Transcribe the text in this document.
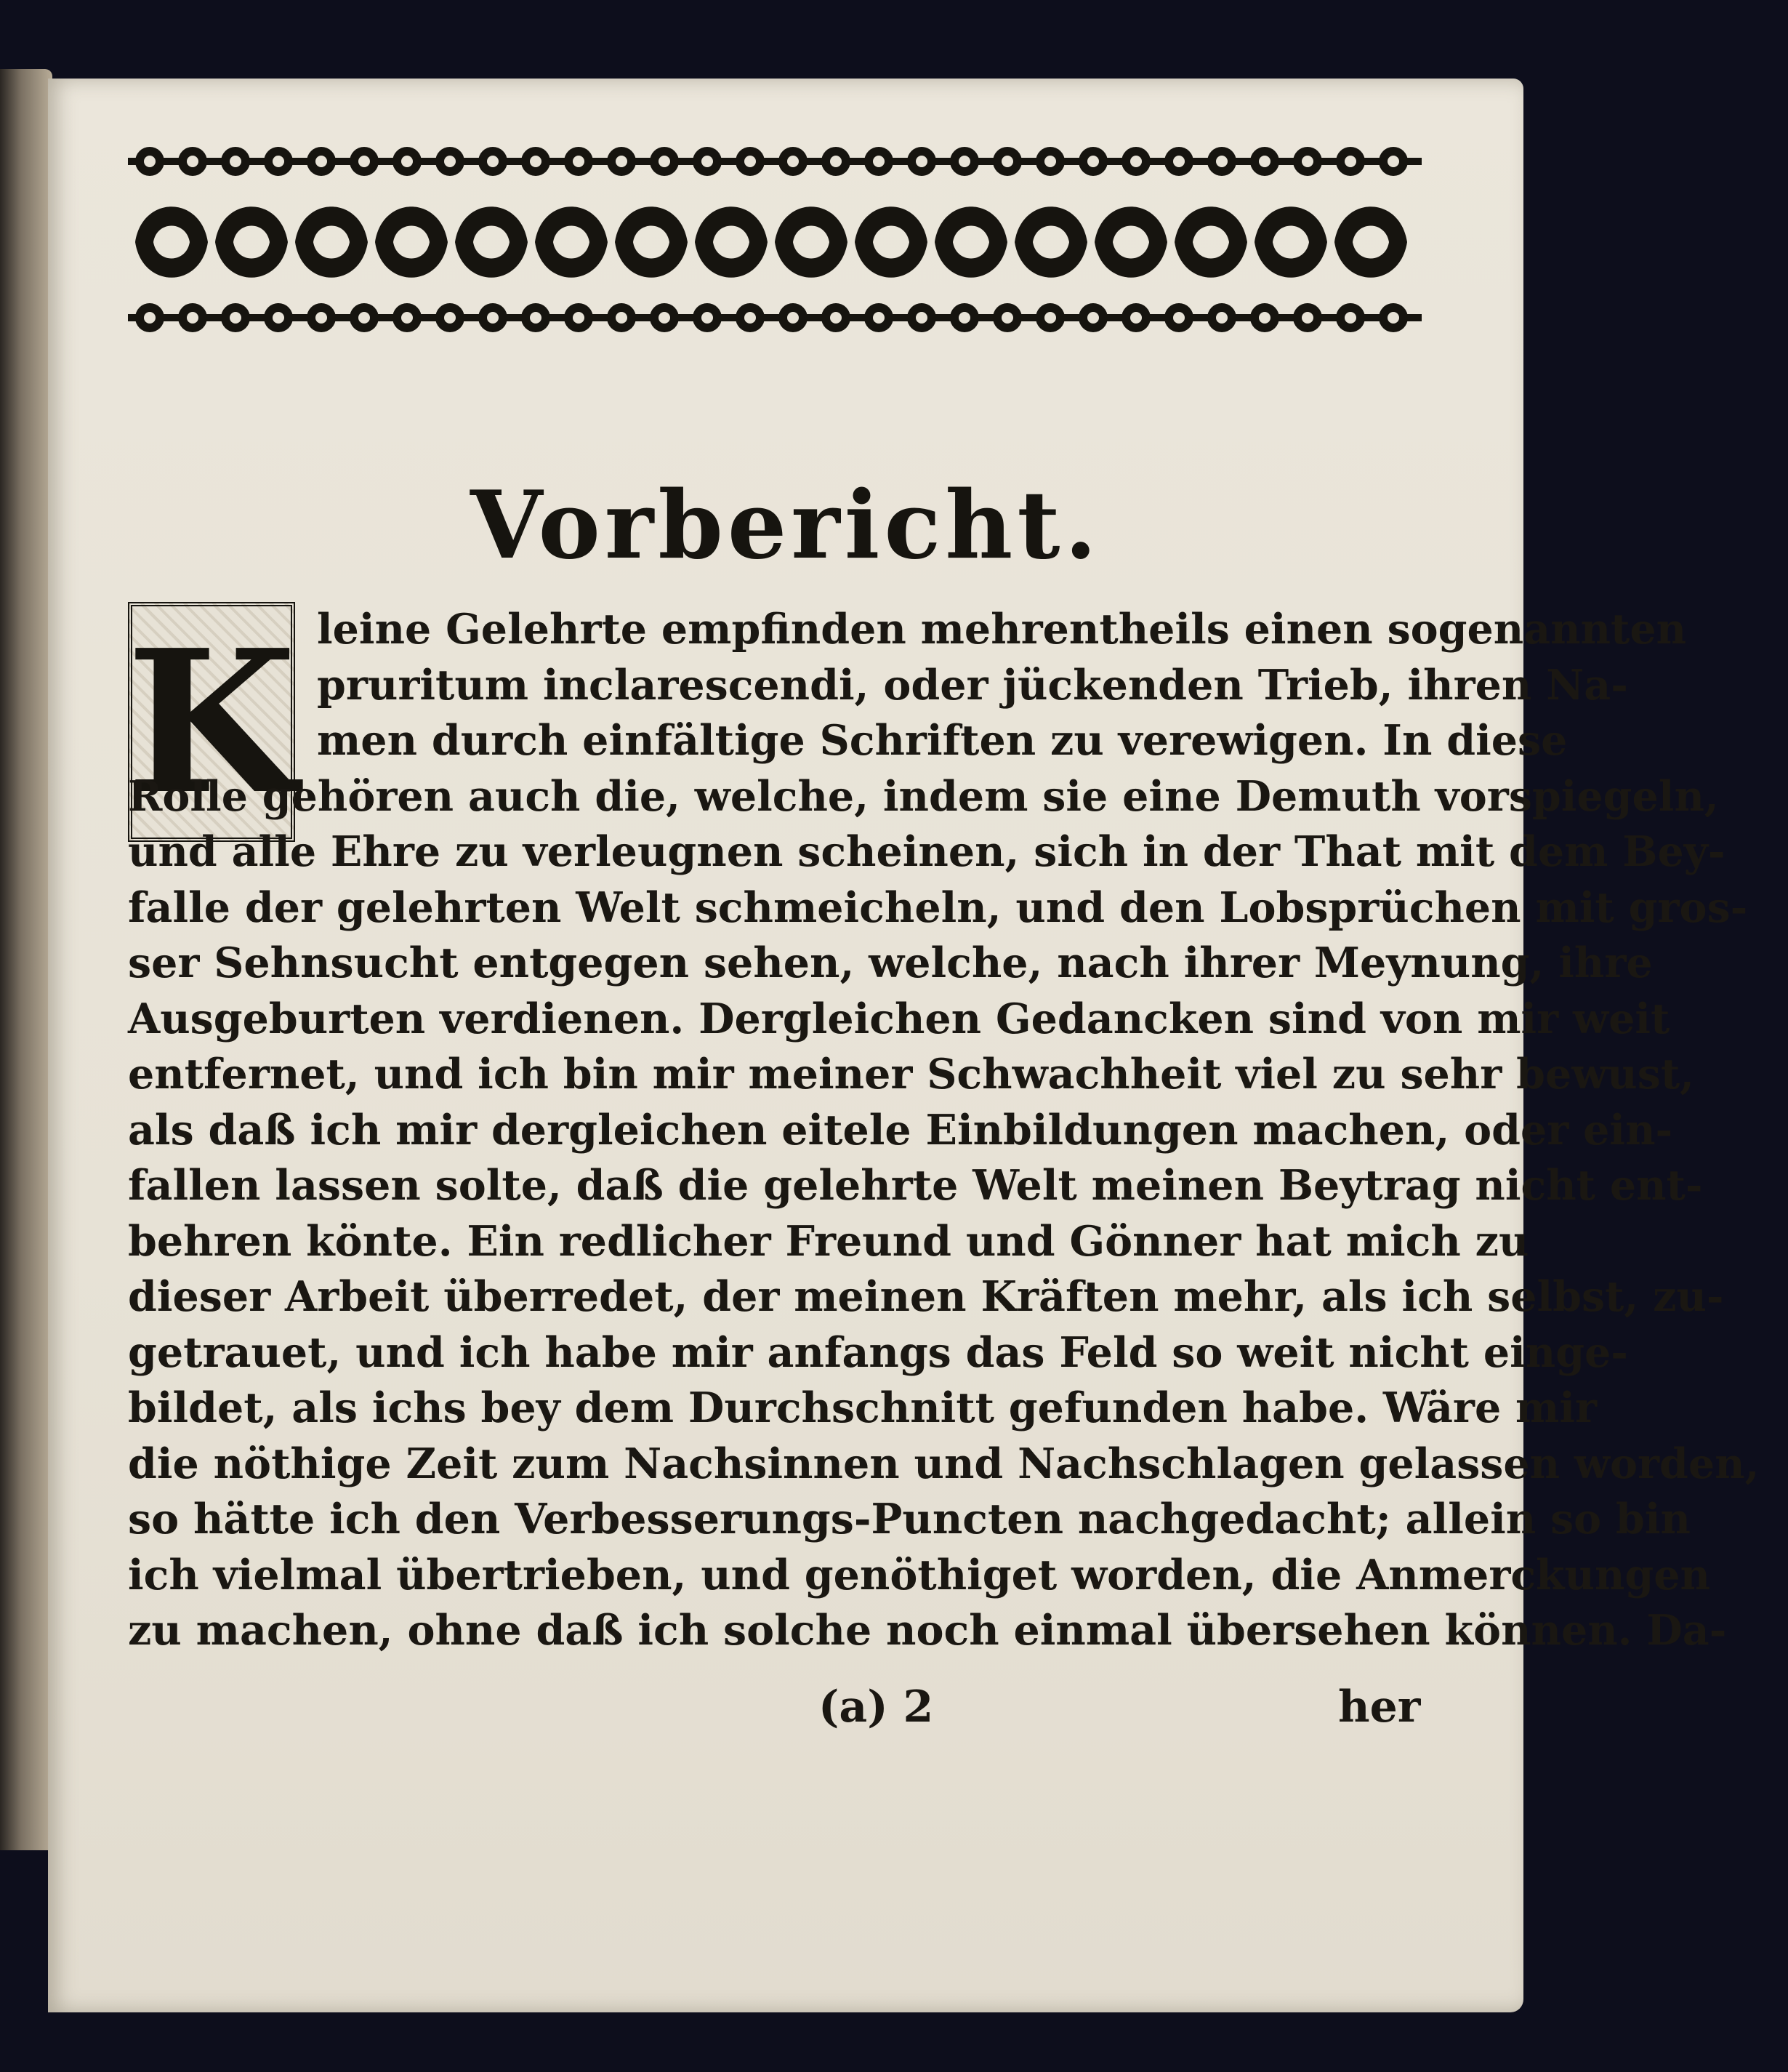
Vorbericht.
K leine Gelehrte empfinden mehrentheils einen sogenannten
pruritum inclarescendi, oder jückenden Trieb, ihren Na-
men durch einfältige Schriften zu verewigen. In diese
Rolle gehören auch die, welche, indem sie eine Demuth vorspiegeln,
und alle Ehre zu verleugnen scheinen, sich in der That mit dem Bey-
falle der gelehrten Welt schmeicheln, und den Lobsprüchen mit gros-
ser Sehnsucht entgegen sehen, welche, nach ihrer Meynung, ihre
Ausgeburten verdienen. Dergleichen Gedancken sind von mir weit
entfernet, und ich bin mir meiner Schwachheit viel zu sehr bewust,
als daß ich mir dergleichen eitele Einbildungen machen, oder ein-
fallen lassen solte, daß die gelehrte Welt meinen Beytrag nicht ent-
behren könte. Ein redlicher Freund und Gönner hat mich zu
dieser Arbeit überredet, der meinen Kräften mehr, als ich selbst, zu-
getrauet, und ich habe mir anfangs das Feld so weit nicht einge-
bildet, als ichs bey dem Durchschnitt gefunden habe. Wäre mir
die nöthige Zeit zum Nachsinnen und Nachschlagen gelassen worden,
so hätte ich den Verbesserungs-Puncten nachgedacht; allein so bin
ich vielmal übertrieben, und genöthiget worden, die Anmerckungen
zu machen, ohne daß ich solche noch einmal übersehen können. Da-
(a) 2	her
